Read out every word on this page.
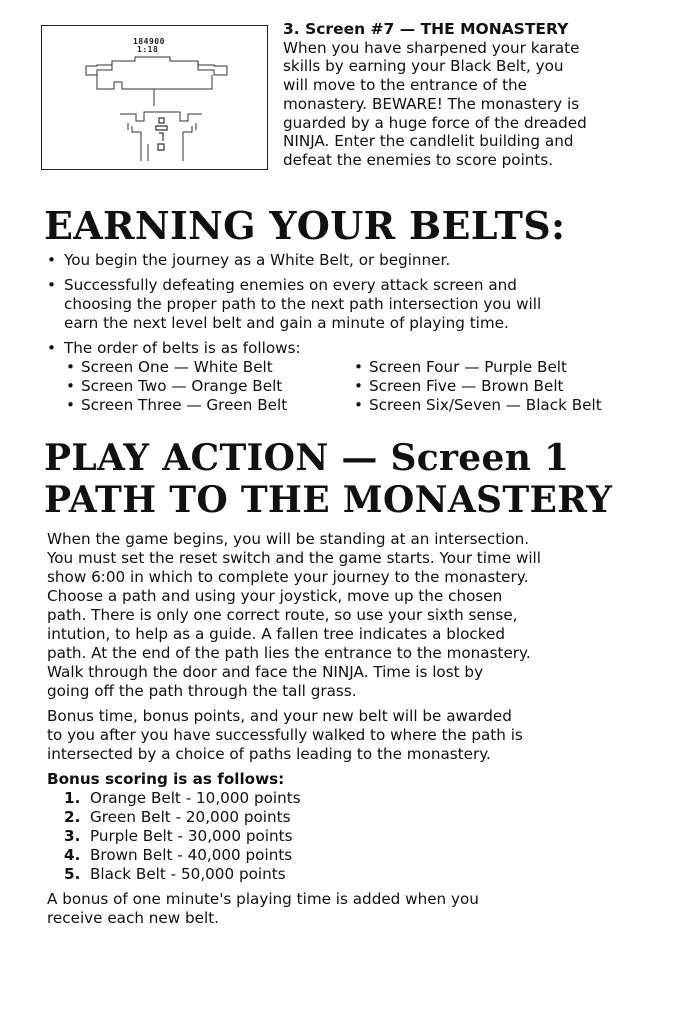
184900
1:18
3. Screen #7 — THE MONASTERY
When you have sharpened your karate
skills by earning your Black Belt, you
will move to the entrance of the
monastery. BEWARE! The monastery is
guarded by a huge force of the dreaded
NINJA. Enter the candlelit building and
defeat the enemies to score points.
EARNING YOUR BELTS:
• You begin the journey as a White Belt, or beginner.
• Successfully defeating enemies on every attack screen and
choosing the proper path to the next path intersection you will
earn the next level belt and gain a minute of playing time.
• The order of belts is as follows:
• Screen One — White Belt	• Screen Four — Purple Belt
• Screen Two — Orange Belt	• Screen Five — Brown Belt
• Screen Three — Green Belt	• Screen Six/Seven — Black Belt
PLAY ACTION — Screen 1
PATH TO THE MONASTERY
When the game begins, you will be standing at an intersection.
You must set the reset switch and the game starts. Your time will
show 6:00 in which to complete your journey to the monastery.
Choose a path and using your joystick, move up the chosen
path. There is only one correct route, so use your sixth sense,
intution, to help as a guide. A fallen tree indicates a blocked
path. At the end of the path lies the entrance to the monastery.
Walk through the door and face the NINJA. Time is lost by
going off the path through the tall grass.
Bonus time, bonus points, and your new belt will be awarded
to you after you have successfully walked to where the path is
intersected by a choice of paths leading to the monastery.
Bonus scoring is as follows:
1. Orange Belt - 10,000 points
2. Green Belt - 20,000 points
3. Purple Belt - 30,000 points
4. Brown Belt - 40,000 points
5. Black Belt - 50,000 points
A bonus of one minute's playing time is added when you
receive each new belt.
